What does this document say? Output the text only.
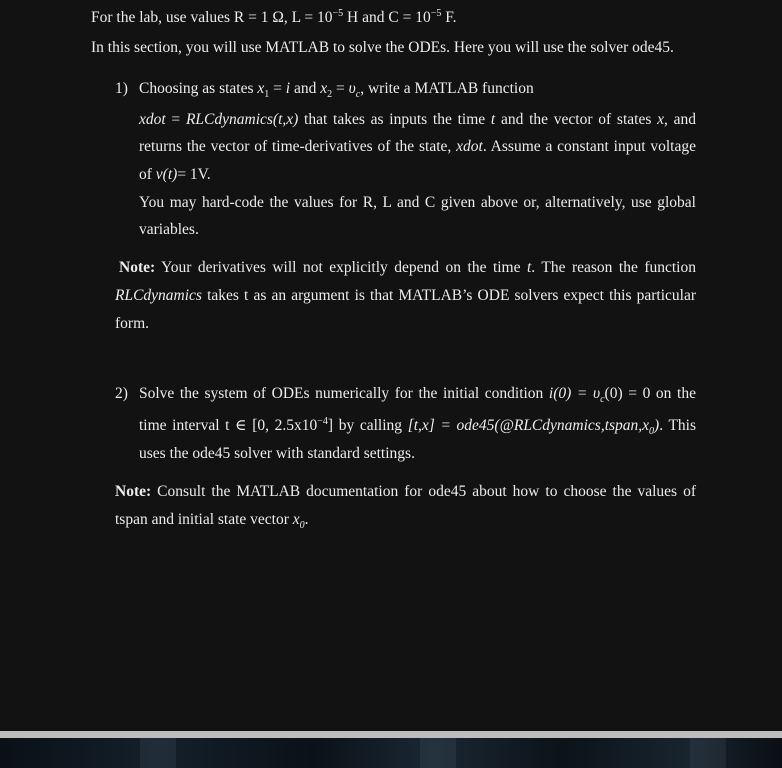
For the lab, use values R = 1 Ω, $L = 10^{-5}$ H and $C = 10^{-5}$ F.
In this section, you will use MATLAB to solve the ODEs. Here you will use the solver ode45.
1) Choosing as states $x_1 = i$ and $x_2 = \upsilon_c$, write a MATLAB function
xdot = RLCdynamics(t,x) that takes as inputs the time t and the vector of states x, and
returns the vector of time-derivatives of the state, xdot. Assume a constant input voltage
of v(t)= 1V.
You may hard-code the values for R, L and C given above or, alternatively, use global
variables.
Note: Your derivatives will not explicitly depend on the time t. The reason the function
RLCdynamics takes t as an argument is that MATLAB’s ODE solvers expect this particular
form.
2) Solve the system of ODEs numerically for the initial condition $i(0) = \upsilon_c(0) = 0$ on the
time interval t ∈ [0, $2.5x10^{-4}$] by calling $[t,x] = ode45(@RLCdynamics,tspan,x_0)$. This
uses the ode45 solver with standard settings.
Note: Consult the MATLAB documentation for ode45 about how to choose the values of
tspan and initial state vector $x_0$.
